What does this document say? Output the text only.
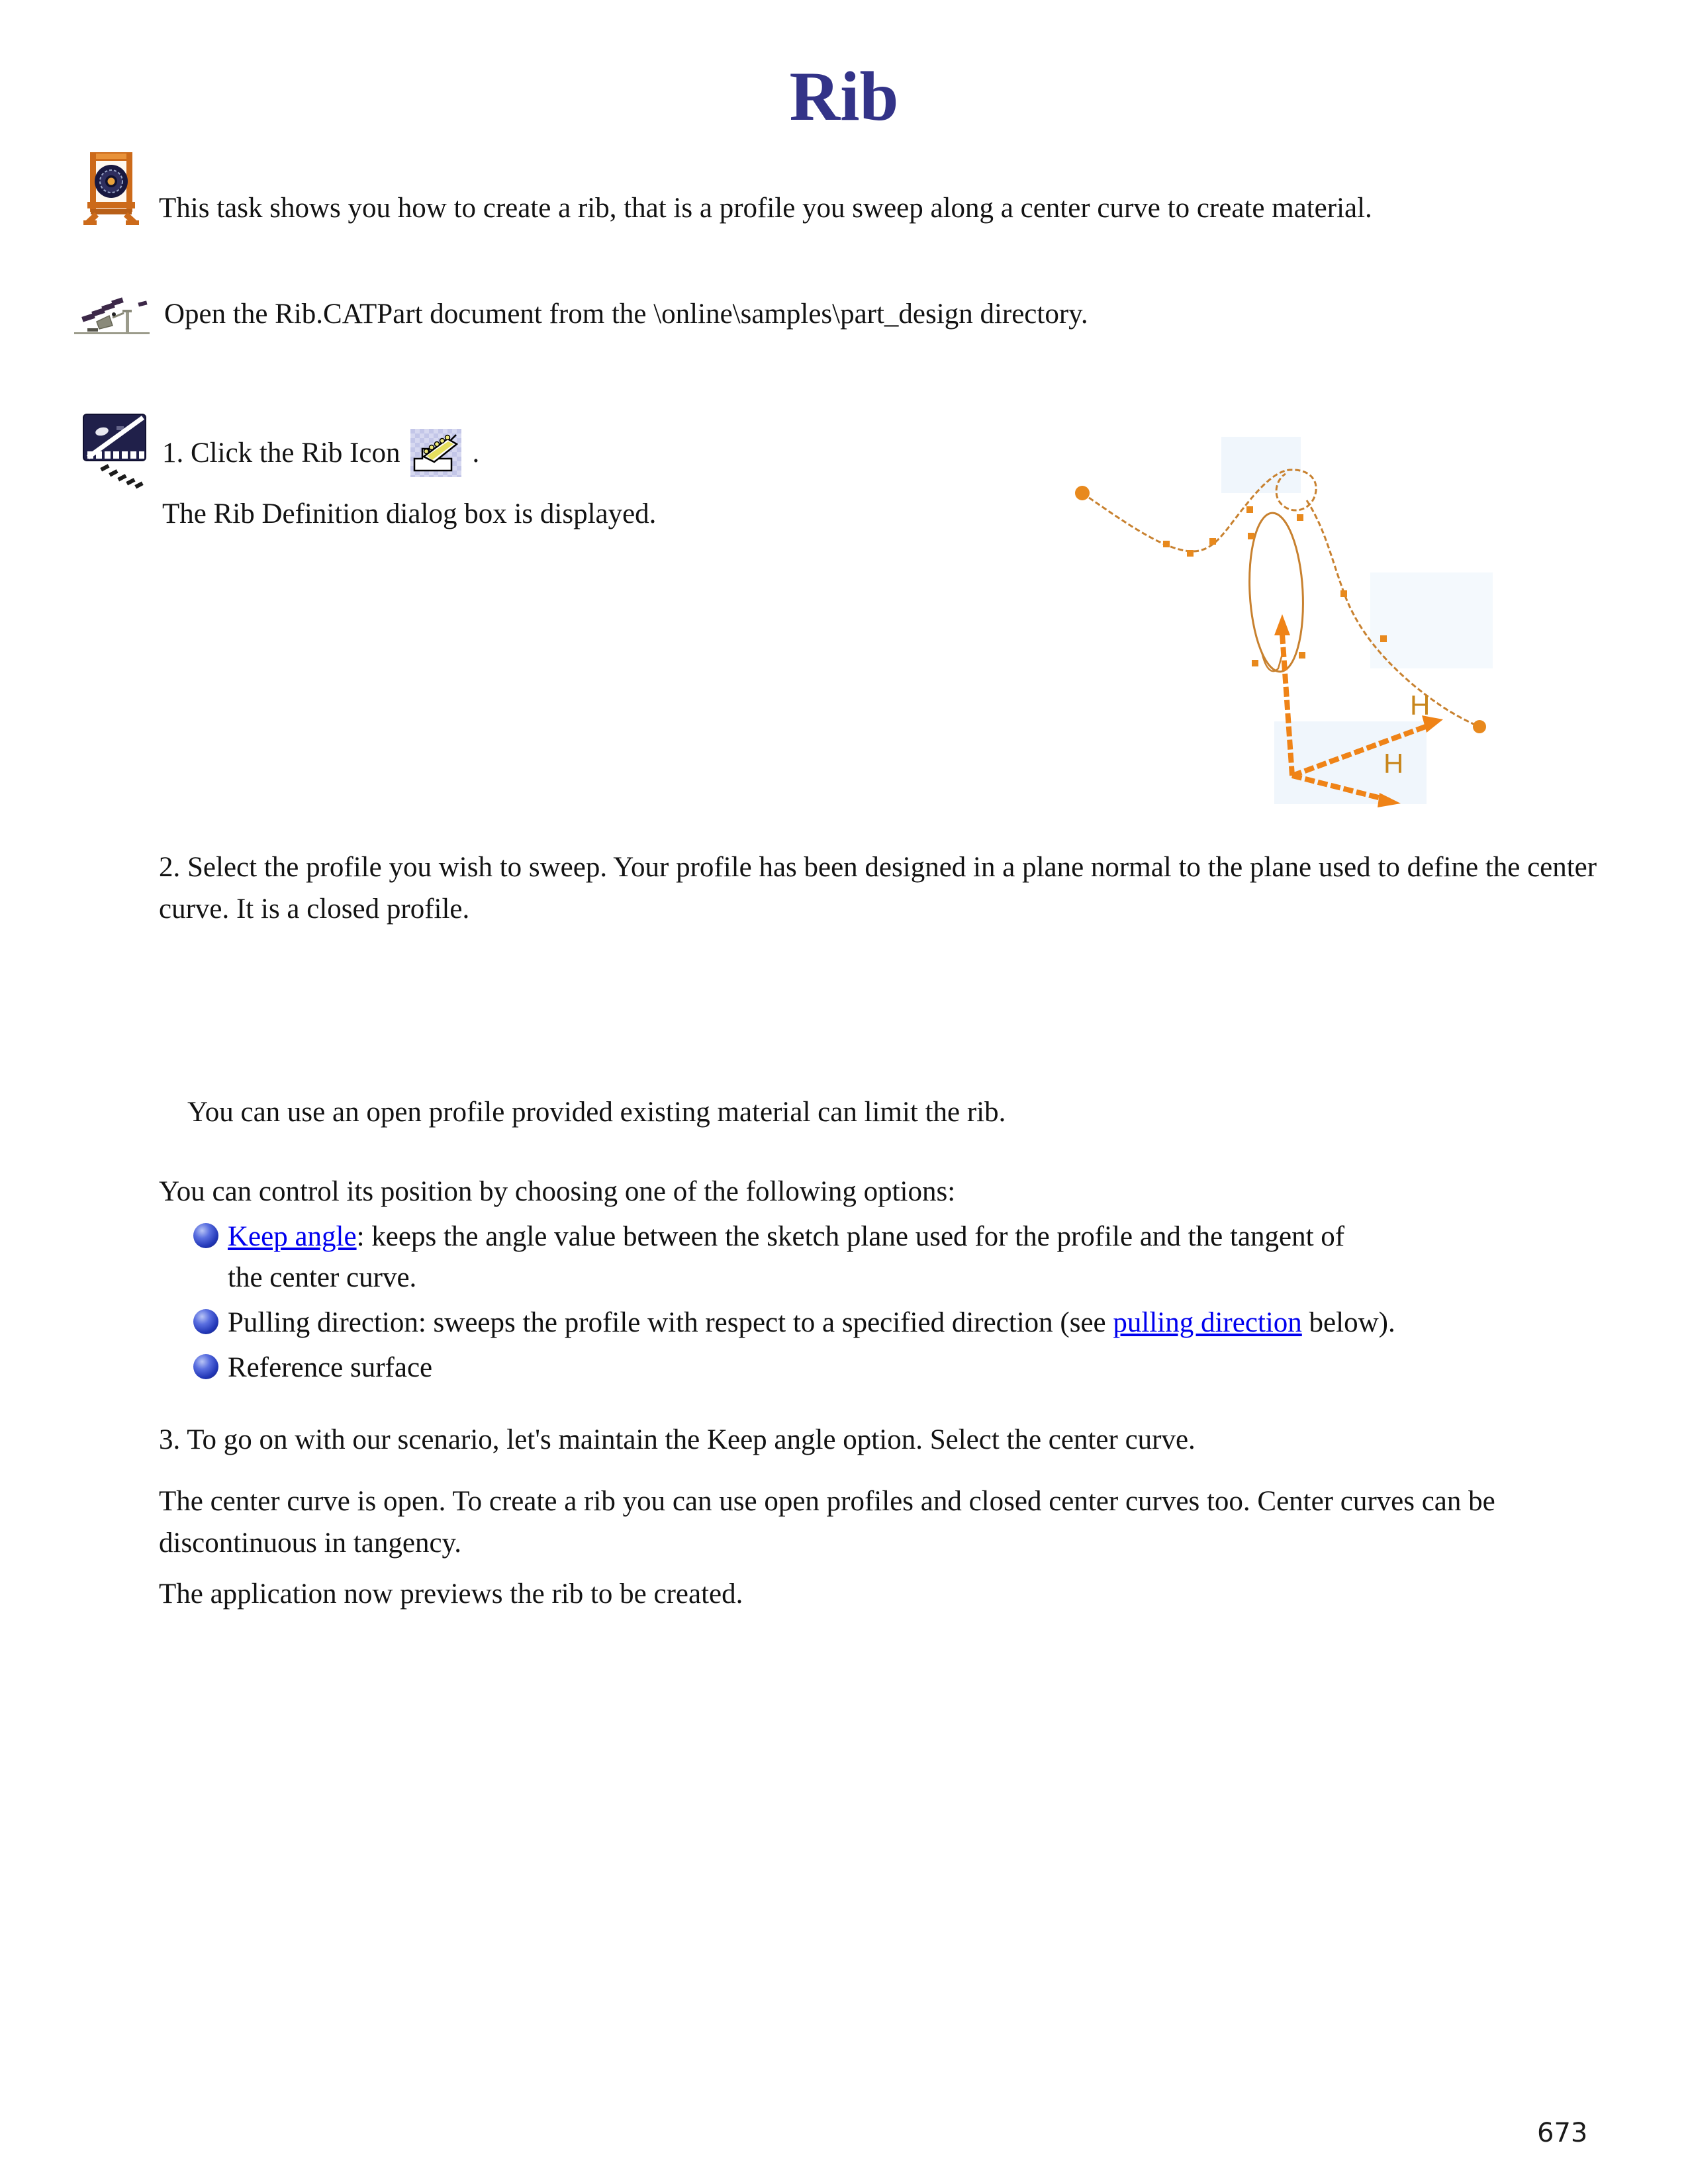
Rib
This task shows you how to create a rib, that is a profile you sweep along a center curve to create material.
Open the Rib.CATPart document from the \online\samples\part_design directory.
1. Click the Rib Icon	.
The Rib Definition dialog box is displayed.
H
H
2. Select the profile you wish to sweep. Your profile has been designed in a plane normal to the plane used to define the center curve. It is a closed profile.
You can use an open profile provided existing material can limit the rib.
You can control its position by choosing one of the following options:
Keep angle: keeps the angle value between the sketch plane used for the profile and the tangent of the center curve.
Pulling direction: sweeps the profile with respect to a specified direction (see pulling direction below).
Reference surface
3. To go on with our scenario, let's maintain the Keep angle option. Select the center curve.
The center curve is open. To create a rib you can use open profiles and closed center curves too. Center curves can be discontinuous in tangency.
The application now previews the rib to be created.
673
